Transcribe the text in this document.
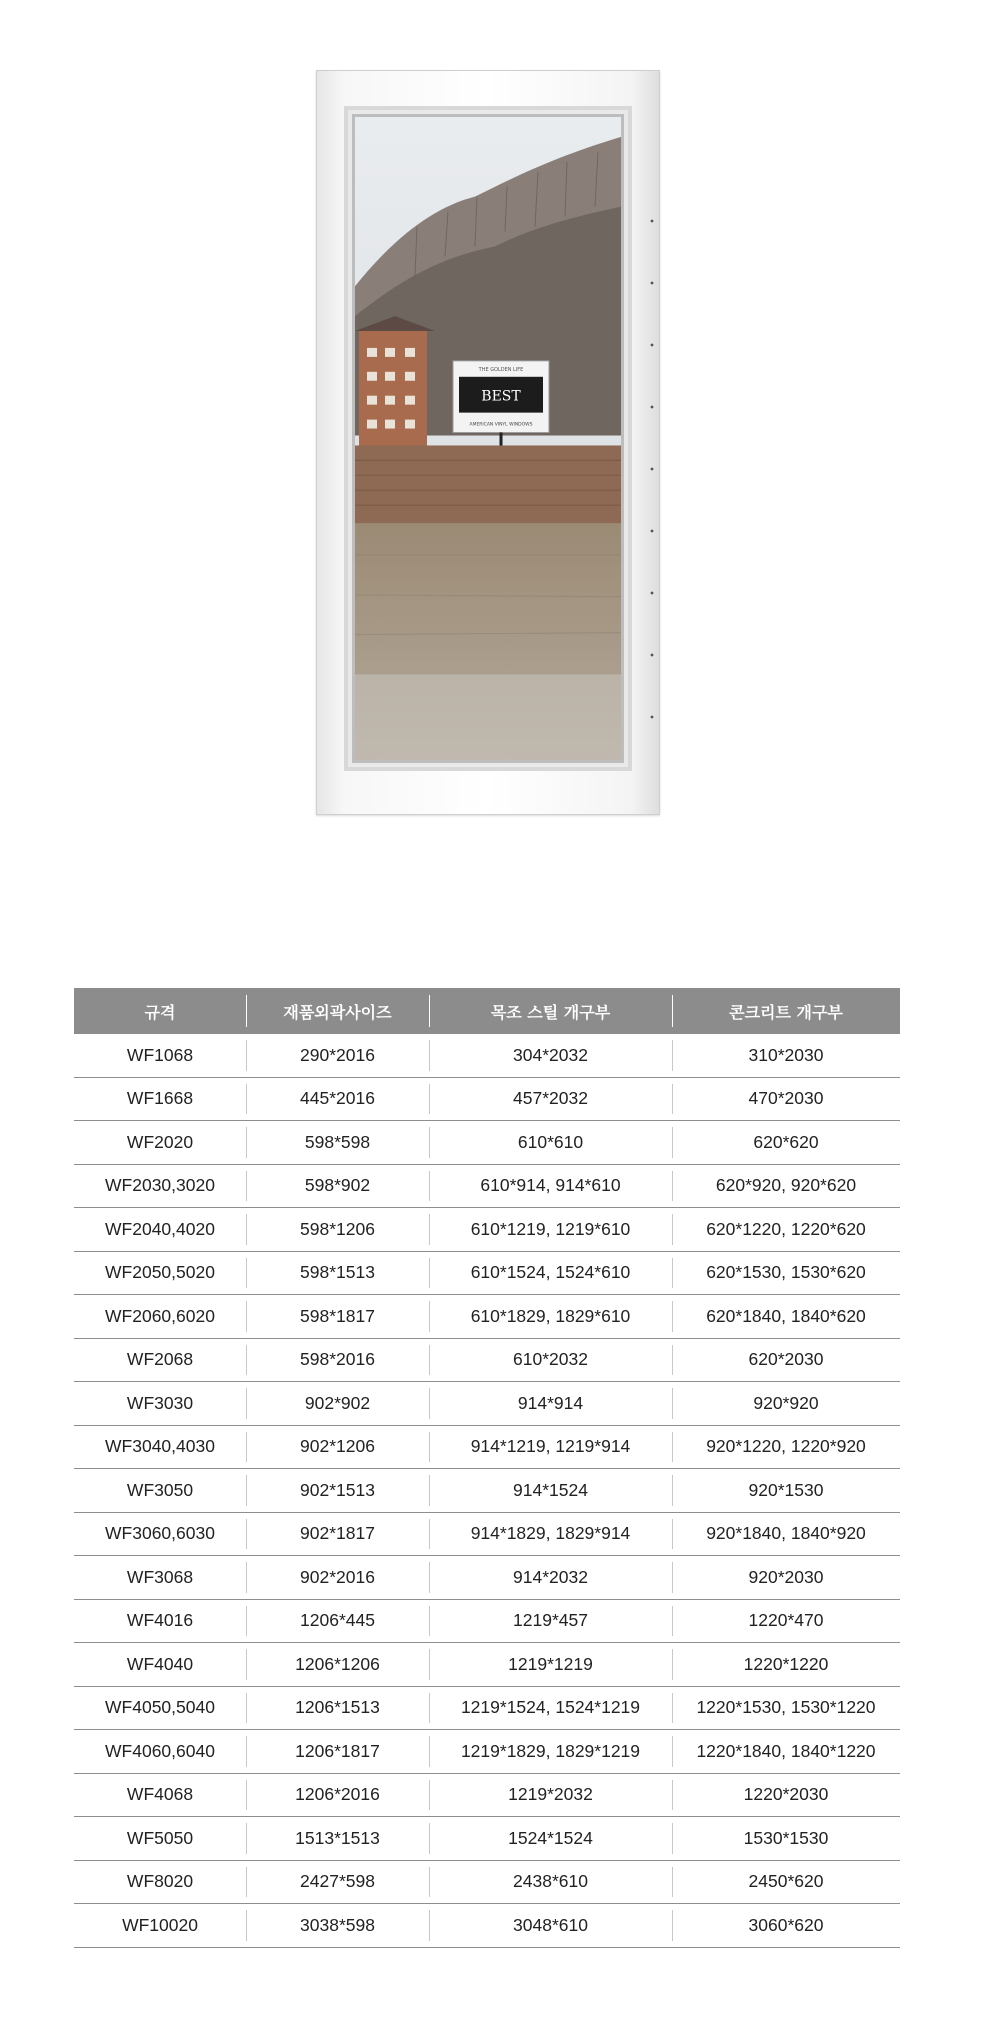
THE GOLDEN LIFE
BEST
AMERICAN VINYL WINDOWS
규격	재품외곽사이즈	목조 스틸 개구부	콘크리트 개구부
WF1068	290*2016	304*2032	310*2030
WF1668	445*2016	457*2032	470*2030
WF2020	598*598	610*610	620*620
WF2030,3020	598*902	610*914, 914*610	620*920, 920*620
WF2040,4020	598*1206	610*1219, 1219*610	620*1220, 1220*620
WF2050,5020	598*1513	610*1524, 1524*610	620*1530, 1530*620
WF2060,6020	598*1817	610*1829, 1829*610	620*1840, 1840*620
WF2068	598*2016	610*2032	620*2030
WF3030	902*902	914*914	920*920
WF3040,4030	902*1206	914*1219, 1219*914	920*1220, 1220*920
WF3050	902*1513	914*1524	920*1530
WF3060,6030	902*1817	914*1829, 1829*914	920*1840, 1840*920
WF3068	902*2016	914*2032	920*2030
WF4016	1206*445	1219*457	1220*470
WF4040	1206*1206	1219*1219	1220*1220
WF4050,5040	1206*1513	1219*1524, 1524*1219	1220*1530, 1530*1220
WF4060,6040	1206*1817	1219*1829, 1829*1219	1220*1840, 1840*1220
WF4068	1206*2016	1219*2032	1220*2030
WF5050	1513*1513	1524*1524	1530*1530
WF8020	2427*598	2438*610	2450*620
WF10020	3038*598	3048*610	3060*620
